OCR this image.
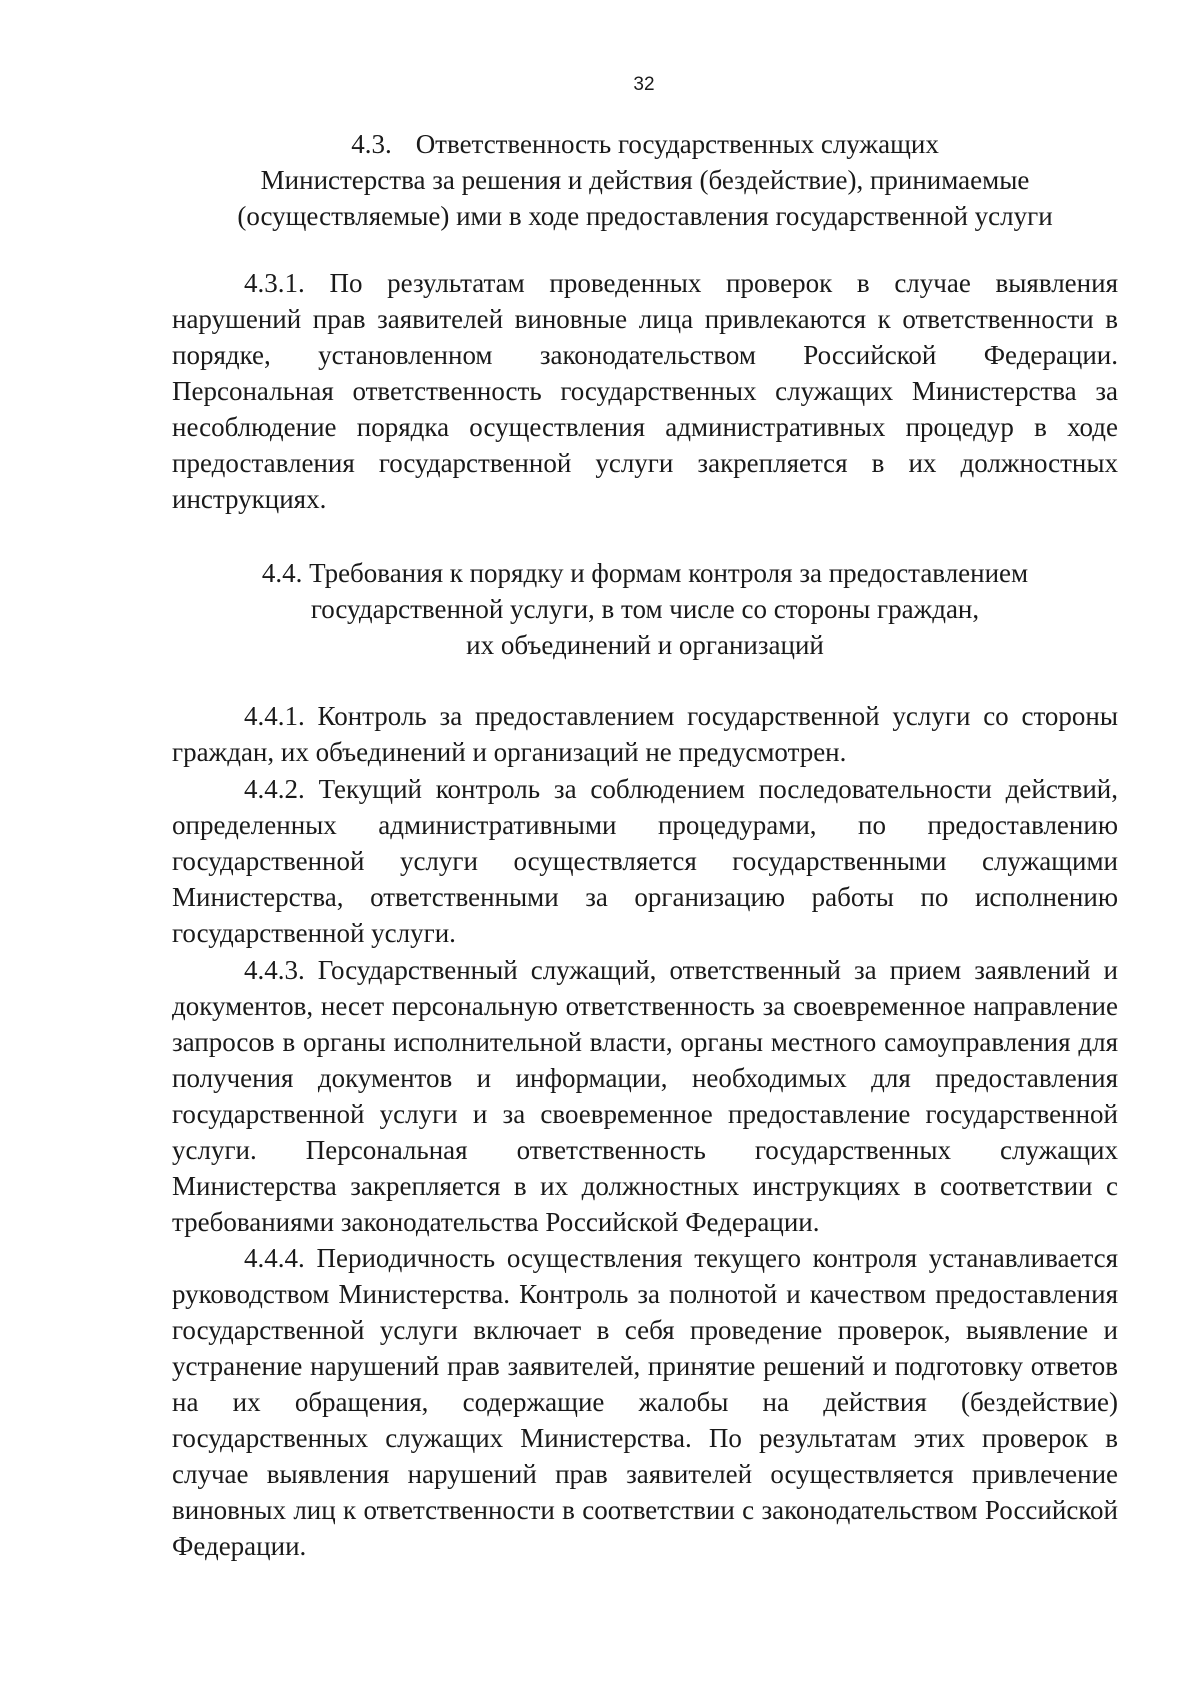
32
4.3. Ответственность государственных служащих
Министерства за решения и действия (бездействие), принимаемые
(осуществляемые) ими в ходе предоставления государственной услуги

4.3.1. По результатам проведенных проверок в случае выявления нарушений прав заявителей виновные лица привлекаются к ответственности в порядке, установленном законодательством Российской Федерации. Персональная ответственность государственных служащих Министерства за несоблюдение порядка осуществления административных процедур в ходе предоставления государственной услуги закрепляется в их должностных инструкциях.

4.4. Требования к порядку и формам контроля за предоставлением
государственной услуги, в том числе со стороны граждан,
их объединений и организаций

4.4.1. Контроль за предоставлением государственной услуги со стороны граждан, их объединений и организаций не предусмотрен.

4.4.2. Текущий контроль за соблюдением последовательности действий, определенных административными процедурами, по предоставлению государственной услуги осуществляется государственными служащими Министерства, ответственными за организацию работы по исполнению государственной услуги.

4.4.3. Государственный служащий, ответственный за прием заявлений и документов, несет персональную ответственность за своевременное направление запросов в органы исполнительной власти, органы местного самоуправления для получения документов и информации, необходимых для предоставления государственной услуги и за своевременное предоставление государственной услуги. Персональная ответственность государственных служащих Министерства закрепляется в их должностных инструкциях в соответствии с требованиями законодательства Российской Федерации.

4.4.4. Периодичность осуществления текущего контроля устанавливается руководством Министерства. Контроль за полнотой и качеством предоставления государственной услуги включает в себя проведение проверок, выявление и устранение нарушений прав заявителей, принятие решений и подготовку ответов на их обращения, содержащие жалобы на действия (бездействие) государственных служащих Министерства. По результатам этих проверок в случае выявления нарушений прав заявителей осуществляется привлечение виновных лиц к ответственности в соответствии с законодательством Российской Федерации.
